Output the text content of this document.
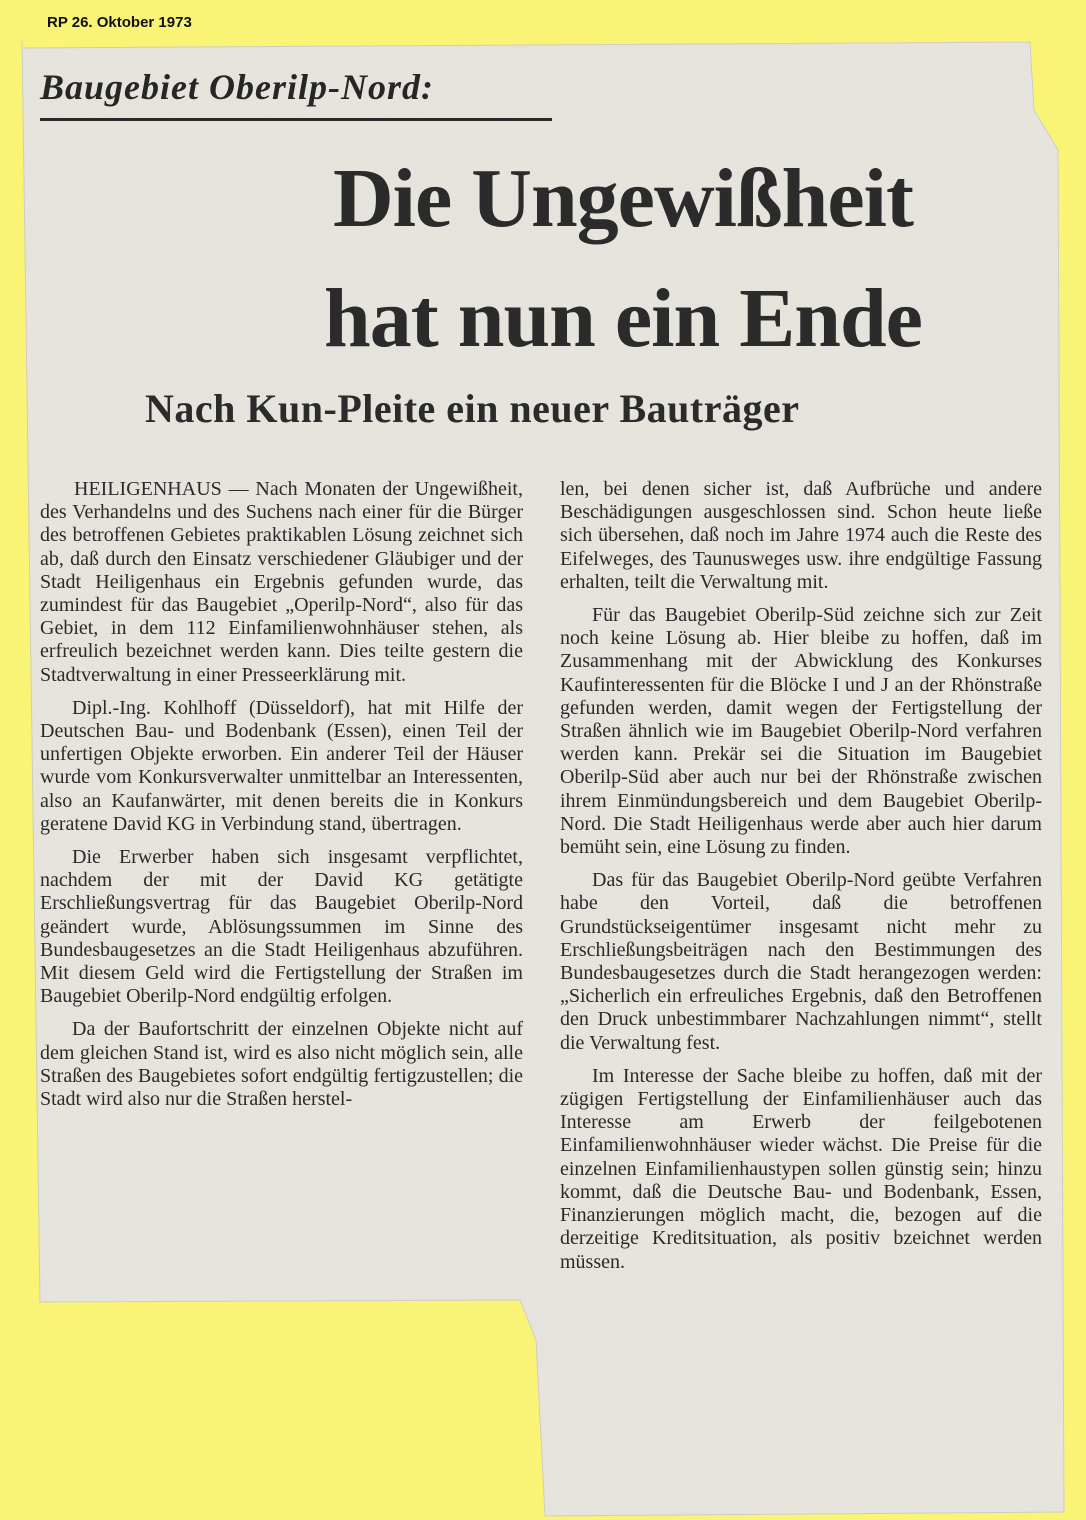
RP 26. Oktober 1973
Baugebiet Oberilp-Nord:
Die Ungewißheit
hat nun ein Ende
Nach Kun-Pleite ein neuer Bauträger

HEILIGENHAUS — Nach Monaten der Ungewißheit, des Verhandelns und des Suchens nach einer für die Bürger des betroffenen Gebietes praktikablen Lösung zeichnet sich ab, daß durch den Einsatz verschiedener Gläubiger und der Stadt Heiligenhaus ein Ergebnis gefunden wurde, das zumindest für das Baugebiet „Operilp-Nord“, also für das Gebiet, in dem 112 Einfamilienwohnhäuser stehen, als erfreulich bezeichnet werden kann. Dies teilte gestern die Stadtverwaltung in einer Presseerklärung mit.

Dipl.-Ing. Kohlhoff (Düsseldorf), hat mit Hilfe der Deutschen Bau- und Bodenbank (Essen), einen Teil der unfertigen Objekte erworben. Ein anderer Teil der Häuser wurde vom Konkursverwalter unmittelbar an Interessenten, also an Kaufanwärter, mit denen bereits die in Konkurs geratene David KG in Verbindung stand, übertragen.

Die Erwerber haben sich insgesamt verpflichtet, nachdem der mit der David KG getätigte Erschließungsvertrag für das Baugebiet Oberilp-Nord geändert wurde, Ablösungssummen im Sinne des Bundesbaugesetzes an die Stadt Heiligenhaus abzuführen. Mit diesem Geld wird die Fertigstellung der Straßen im Baugebiet Oberilp-Nord endgültig erfolgen.

Da der Baufortschritt der einzelnen Objekte nicht auf dem gleichen Stand ist, wird es also nicht möglich sein, alle Straßen des Baugebietes sofort endgültig fertigzustellen; die Stadt wird also nur die Straßen herstel-

len, bei denen sicher ist, daß Aufbrüche und andere Beschädigungen ausgeschlossen sind. Schon heute ließe sich übersehen, daß noch im Jahre 1974 auch die Reste des Eifelweges, des Taunusweges usw. ihre endgültige Fassung erhalten, teilt die Verwaltung mit.

Für das Baugebiet Oberilp-Süd zeichne sich zur Zeit noch keine Lösung ab. Hier bleibe zu hoffen, daß im Zusammenhang mit der Abwicklung des Konkurses Kaufinteressenten für die Blöcke I und J an der Rhönstraße gefunden werden, damit wegen der Fertigstellung der Straßen ähnlich wie im Baugebiet Oberilp-Nord verfahren werden kann. Prekär sei die Situation im Baugebiet Oberilp-Süd aber auch nur bei der Rhönstraße zwischen ihrem Einmündungsbereich und dem Baugebiet Oberilp-Nord. Die Stadt Heiligenhaus werde aber auch hier darum bemüht sein, eine Lösung zu finden.

Das für das Baugebiet Oberilp-Nord geübte Verfahren habe den Vorteil, daß die betroffenen Grundstückseigentümer insgesamt nicht mehr zu Erschließungsbeiträgen nach den Bestimmungen des Bundesbaugesetzes durch die Stadt herangezogen werden: „Sicherlich ein erfreuliches Ergebnis, daß den Betroffenen den Druck unbestimmbarer Nachzahlungen nimmt“, stellt die Verwaltung fest.

Im Interesse der Sache bleibe zu hoffen, daß mit der zügigen Fertigstellung der Einfamilienhäuser auch das Interesse am Erwerb der feilgebotenen Einfamilienwohnhäuser wieder wächst. Die Preise für die einzelnen Einfamilienhaustypen sollen günstig sein; hinzu kommt, daß die Deutsche Bau- und Bodenbank, Essen, Finanzierungen möglich macht, die, bezogen auf die derzeitige Kreditsituation, als positiv bzeichnet werden müssen.
